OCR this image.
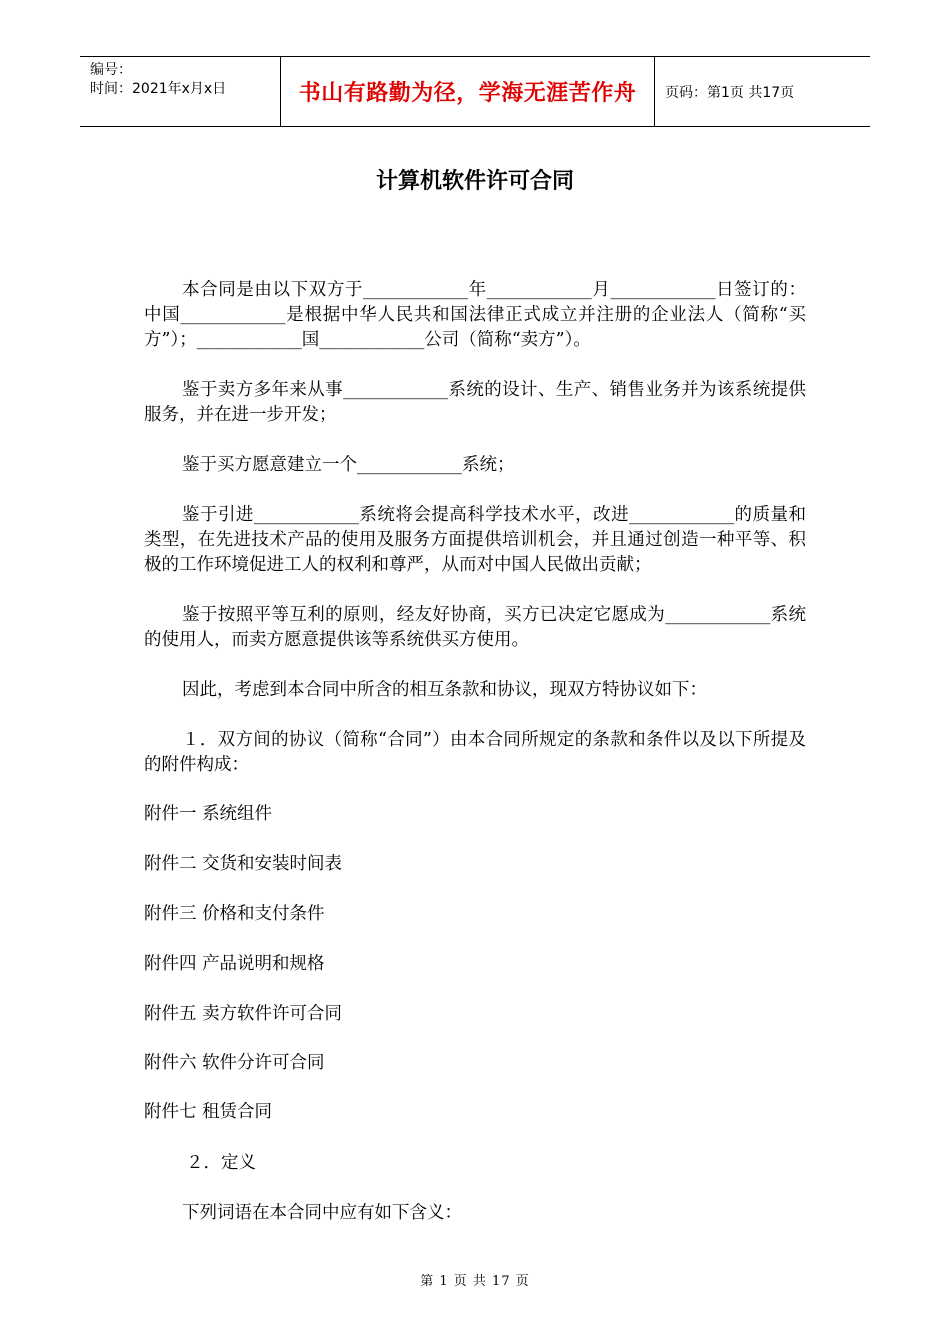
编号：
时间：2021年x月x日	书山有路勤为径，学海无涯苦作舟	页码：第1页 共17页
计算机软件许可合同

本合同是由以下双方于____________年____________月____________日签订的：中国____________是根据中华人民共和国法律正式成立并注册的企业法人（简称“买方”）；____________国____________公司（简称“卖方”）。

鉴于卖方多年来从事____________系统的设计、生产、销售业务并为该系统提供服务，并在进一步开发；

鉴于买方愿意建立一个____________系统；

鉴于引进____________系统将会提高科学技术水平，改进____________的质量和类型，在先进技术产品的使用及服务方面提供培训机会，并且通过创造一种平等、积极的工作环境促进工人的权利和尊严，从而对中国人民做出贡献；

鉴于按照平等互利的原则，经友好协商，买方已决定它愿成为____________系统的使用人，而卖方愿意提供该等系统供买方使用。

因此，考虑到本合同中所含的相互条款和协议，现双方特协议如下：

１．双方间的协议（简称“合同”）由本合同所规定的条款和条件以及以下所提及的附件构成：

附件一 系统组件
附件二 交货和安装时间表
附件三 价格和支付条件
附件四 产品说明和规格
附件五 卖方软件许可合同
附件六 软件分许可合同
附件七 租赁合同
２．定义
下列词语在本合同中应有如下含义：
第 1 页 共 17 页
